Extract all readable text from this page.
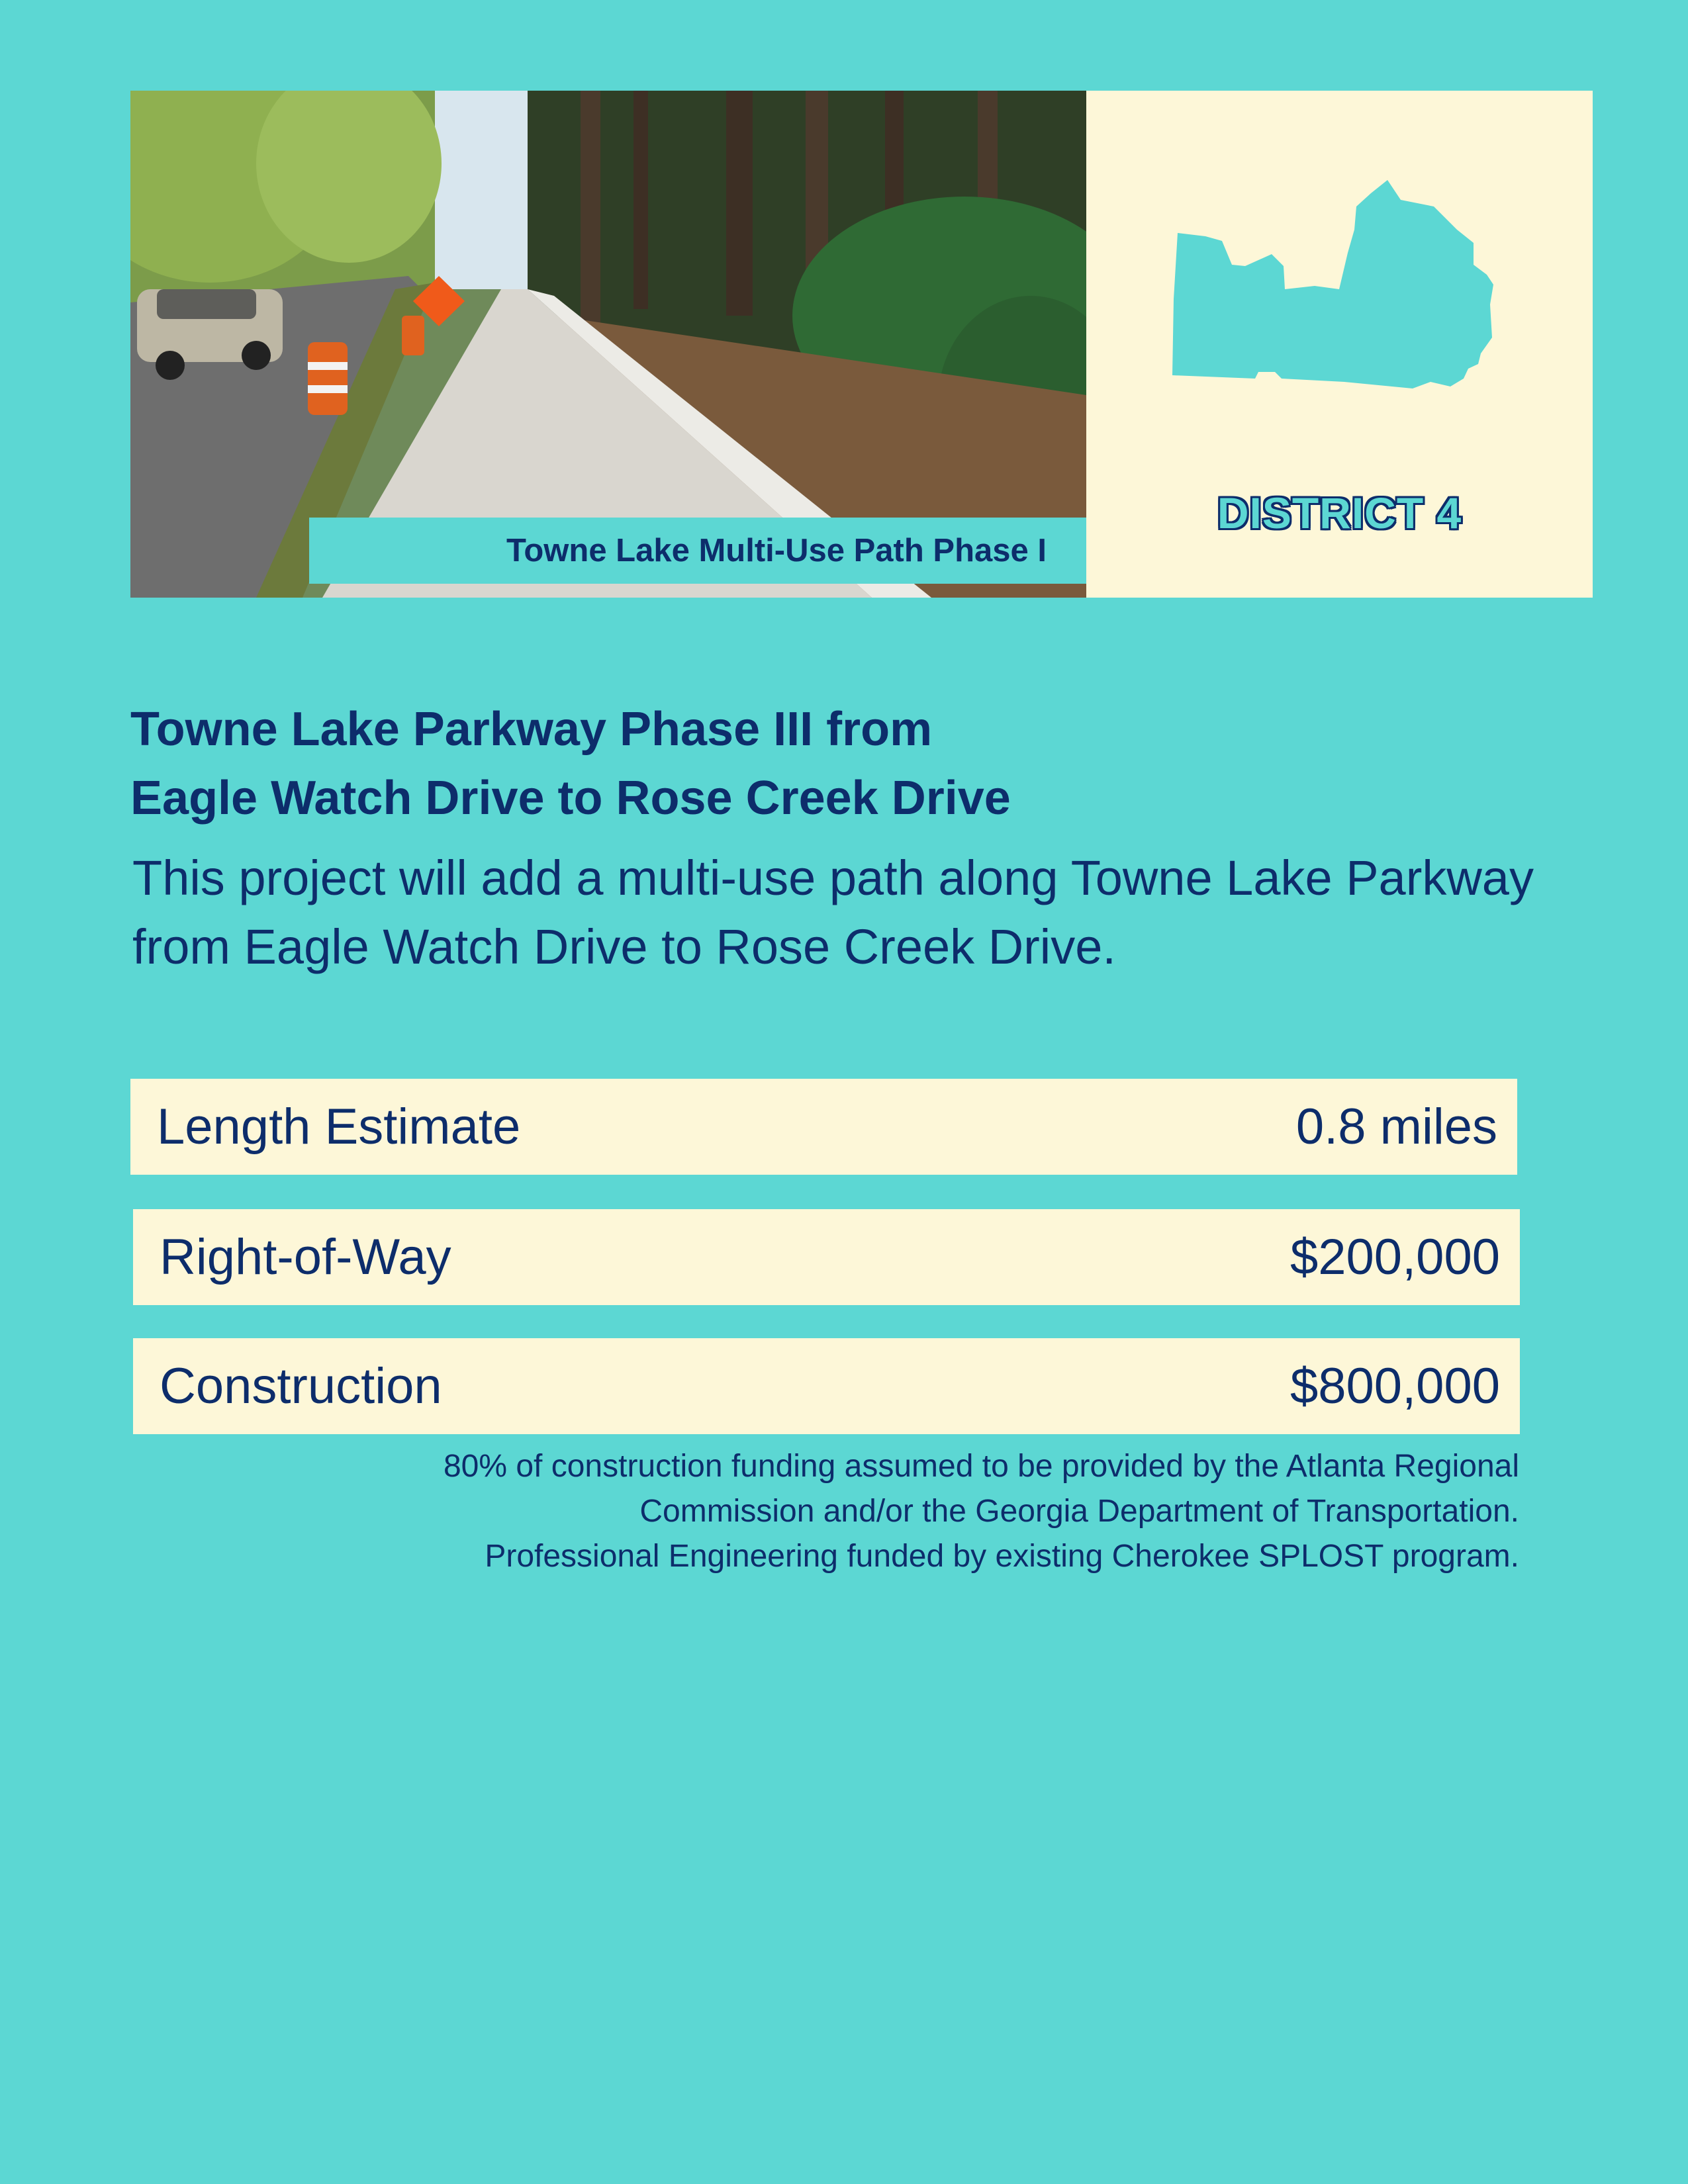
Towne Lake Multi-Use Path Phase I
DISTRICT 4
Towne Lake Parkway Phase III from
Eagle Watch Drive to Rose Creek Drive
This project will add a multi-use path along Towne Lake Parkway from Eagle Watch Drive to Rose Creek Drive.
Length Estimate	0.8 miles
Right-of-Way	$200,000
Construction	$800,000
80% of construction funding assumed to be provided by the Atlanta Regional
Commission and/or the Georgia Department of Transportation.
Professional Engineering funded by existing Cherokee SPLOST program.
